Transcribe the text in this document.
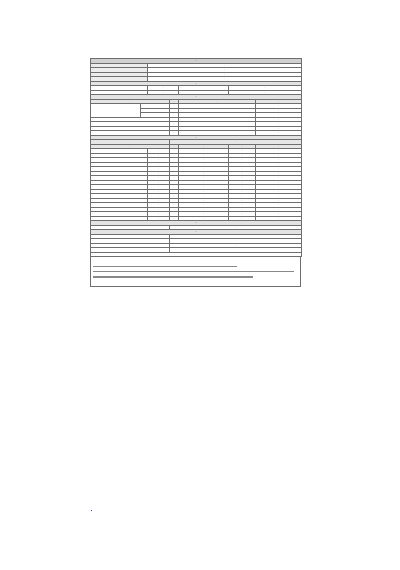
·						
·		·				
·		·				
·		·				
·		·				
·						
·		·		·	·	
·		·		·	·	
·						
·			·	·		·
·	·		·	·		·
	·		·	·		·
	·		·	·		·
·			·	·		·
·			·	·		·
·			·	·		·
·			·	·		·
·						
			·			
·			·	·	·	·
·		·	·	·	·	·
·		·	·	·	·	·
·		·	·	·	·	·
·		·	·	·	·	·
·		·	·	·	·	·
·		·	·	·	·	·
·		·	·	·	·	·
·		·	·	·	·	·
·		·	·	·	·	·
·		·	·	·	·	·
·		·	·	·	·	·
·		·	·	·	·	·
·		·	·	·	·	·
·		·	·	·	·	·
·		·	·	·	·	·
·		·	·	·	·	·
·						
·			·			
·						
·						
·						
·			·			
·						
·						
·
